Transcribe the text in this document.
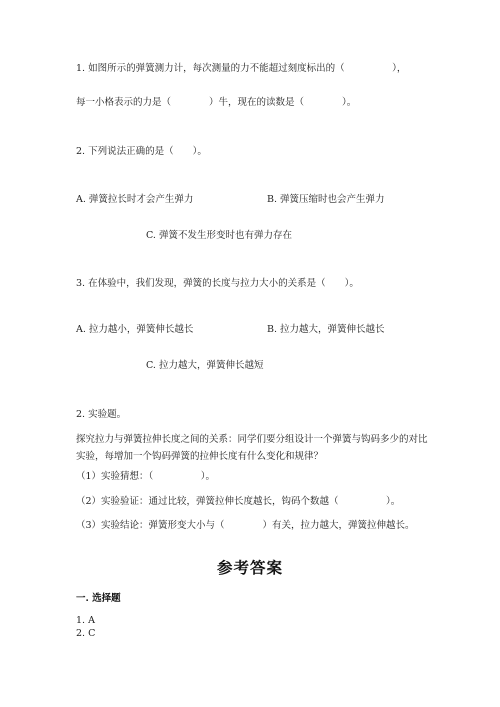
1. 如图所示的弹簧测力计，每次测量的力不能超过刻度标出的（　　　　　），
每一小格表示的力是（　　　　）牛，现在的读数是（　　　　）。
2. 下列说法正确的是（　　）。
A. 弹簧拉长时才会产生弹力	B. 弹簧压缩时也会产生弹力
C. 弹簧不发生形变时也有弹力存在
3. 在体验中，我们发现，弹簧的长度与拉力大小的关系是（　　）。
A. 拉力越小，弹簧伸长越长	B. 拉力越大，弹簧伸长越长
C. 拉力越大，弹簧伸长越短
2. 实验题。
探究拉力与弹簧拉伸长度之间的关系：同学们要分组设计一个弹簧与钩码多少的对比实验，每增加一个钩码弹簧的拉伸长度有什么变化和规律？
（1）实验猜想：（　　　　　）。
（2）实验验证：通过比较，弹簧拉伸长度越长，钩码个数越（　　　　　）。
（3）实验结论：弹簧形变大小与（　　　　）有关，拉力越大，弹簧拉伸越长。
参考答案
一. 选择题
1. A
2. C
